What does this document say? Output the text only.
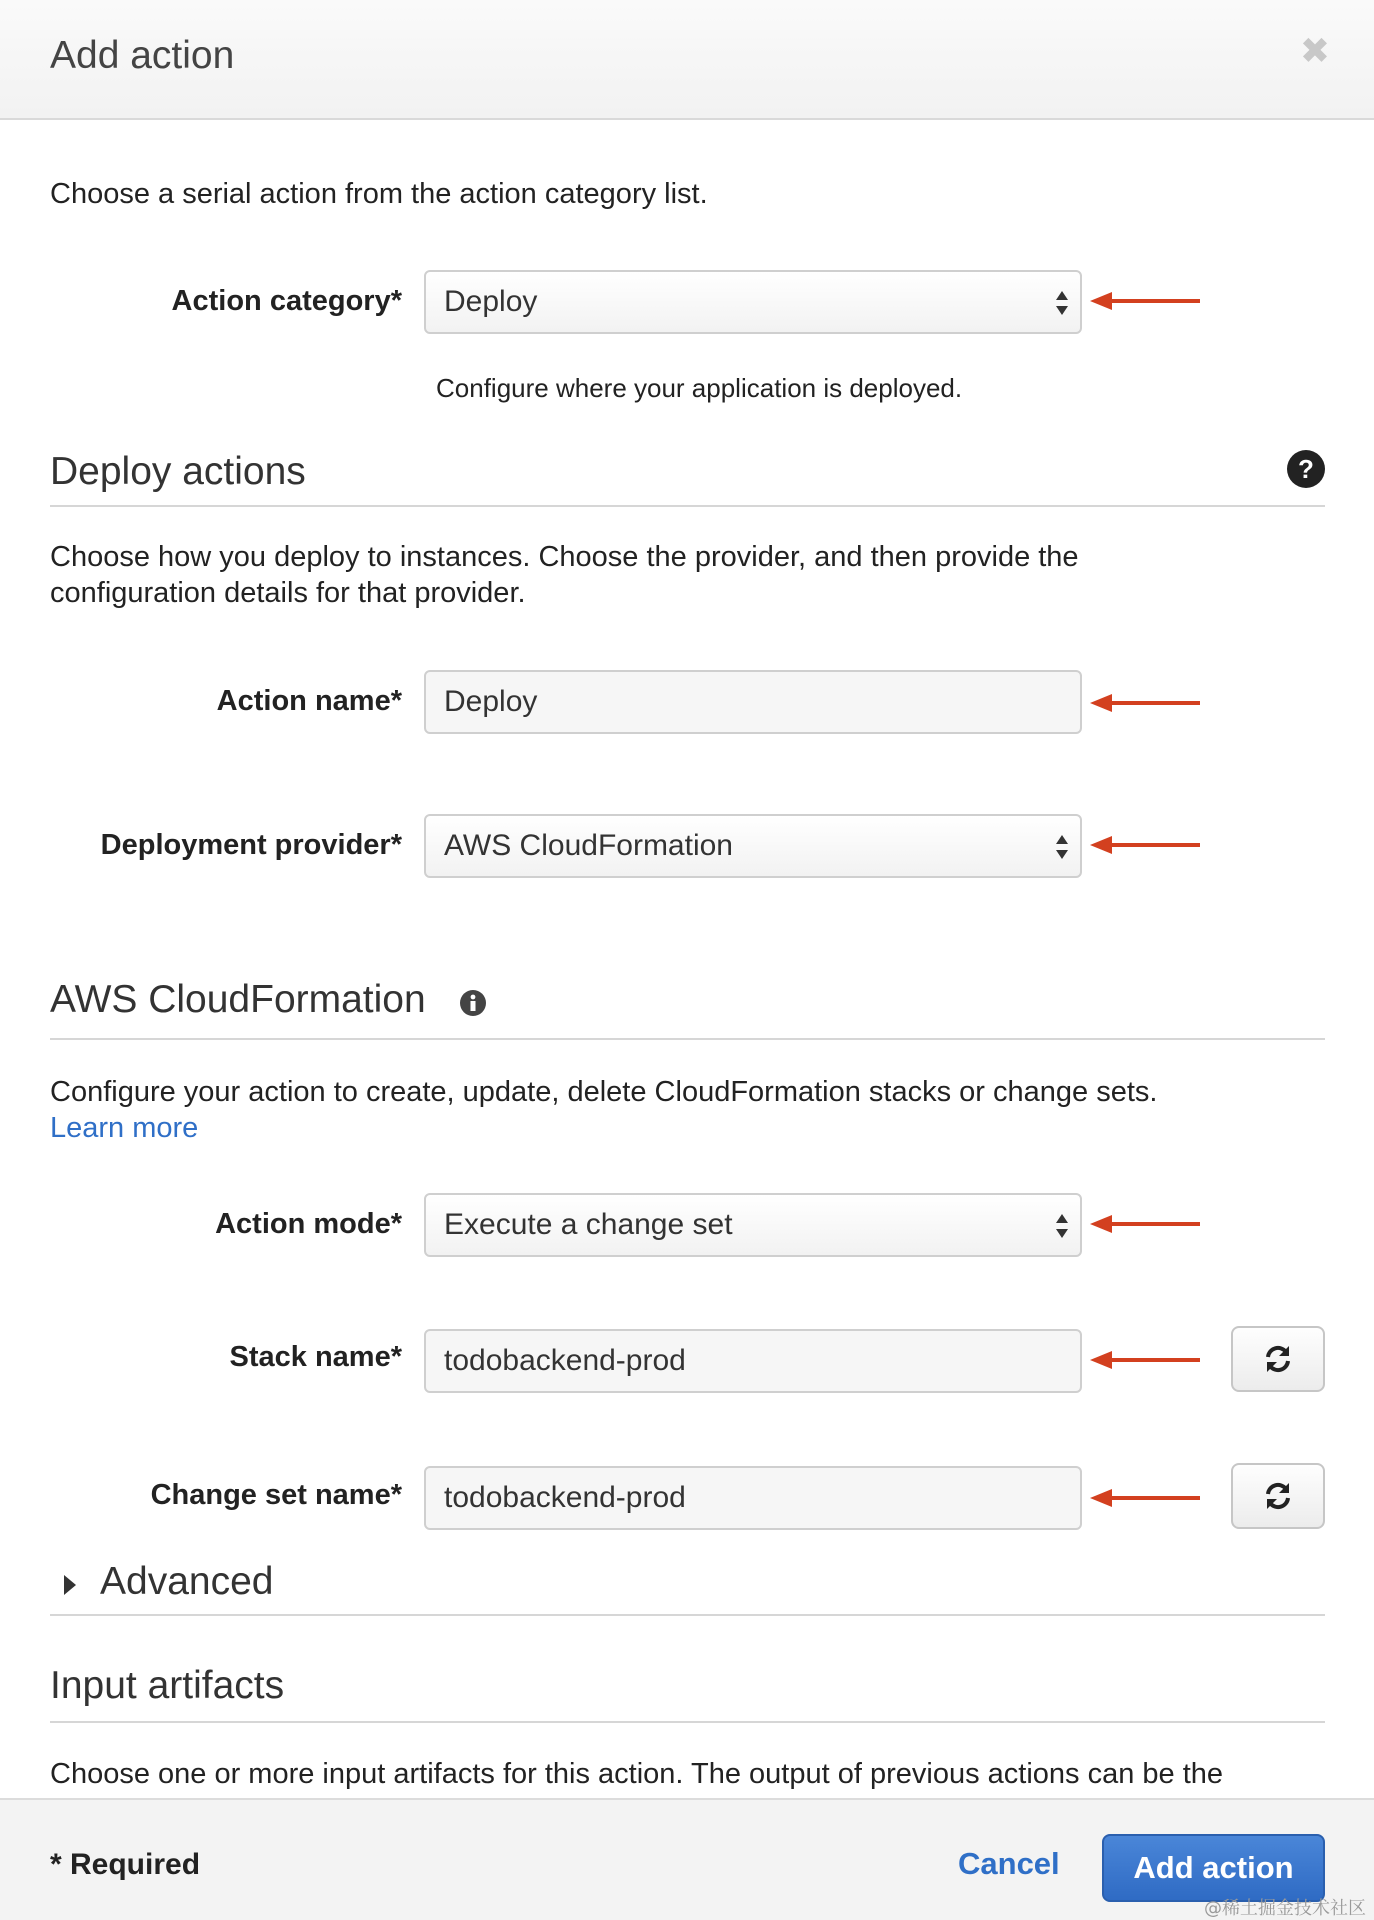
Add action	✖
Choose a serial action from the action category list.
Action category* Deploy
Configure where your application is deployed.
Deploy actions	?
Choose how you deploy to instances. Choose the provider, and then provide the
configuration details for that provider.
Action name* Deploy
Deployment provider* AWS CloudFormation
AWS CloudFormation
Configure your action to create, update, delete CloudFormation stacks or change sets.
Learn more
Action mode* Execute a change set
Stack name* todobackend-prod
Change set name* todobackend-prod
Advanced
Input artifacts
Choose one or more input artifacts for this action. The output of previous actions can be the
* Required	Cancel	Add action
@稀土掘金技术社区
